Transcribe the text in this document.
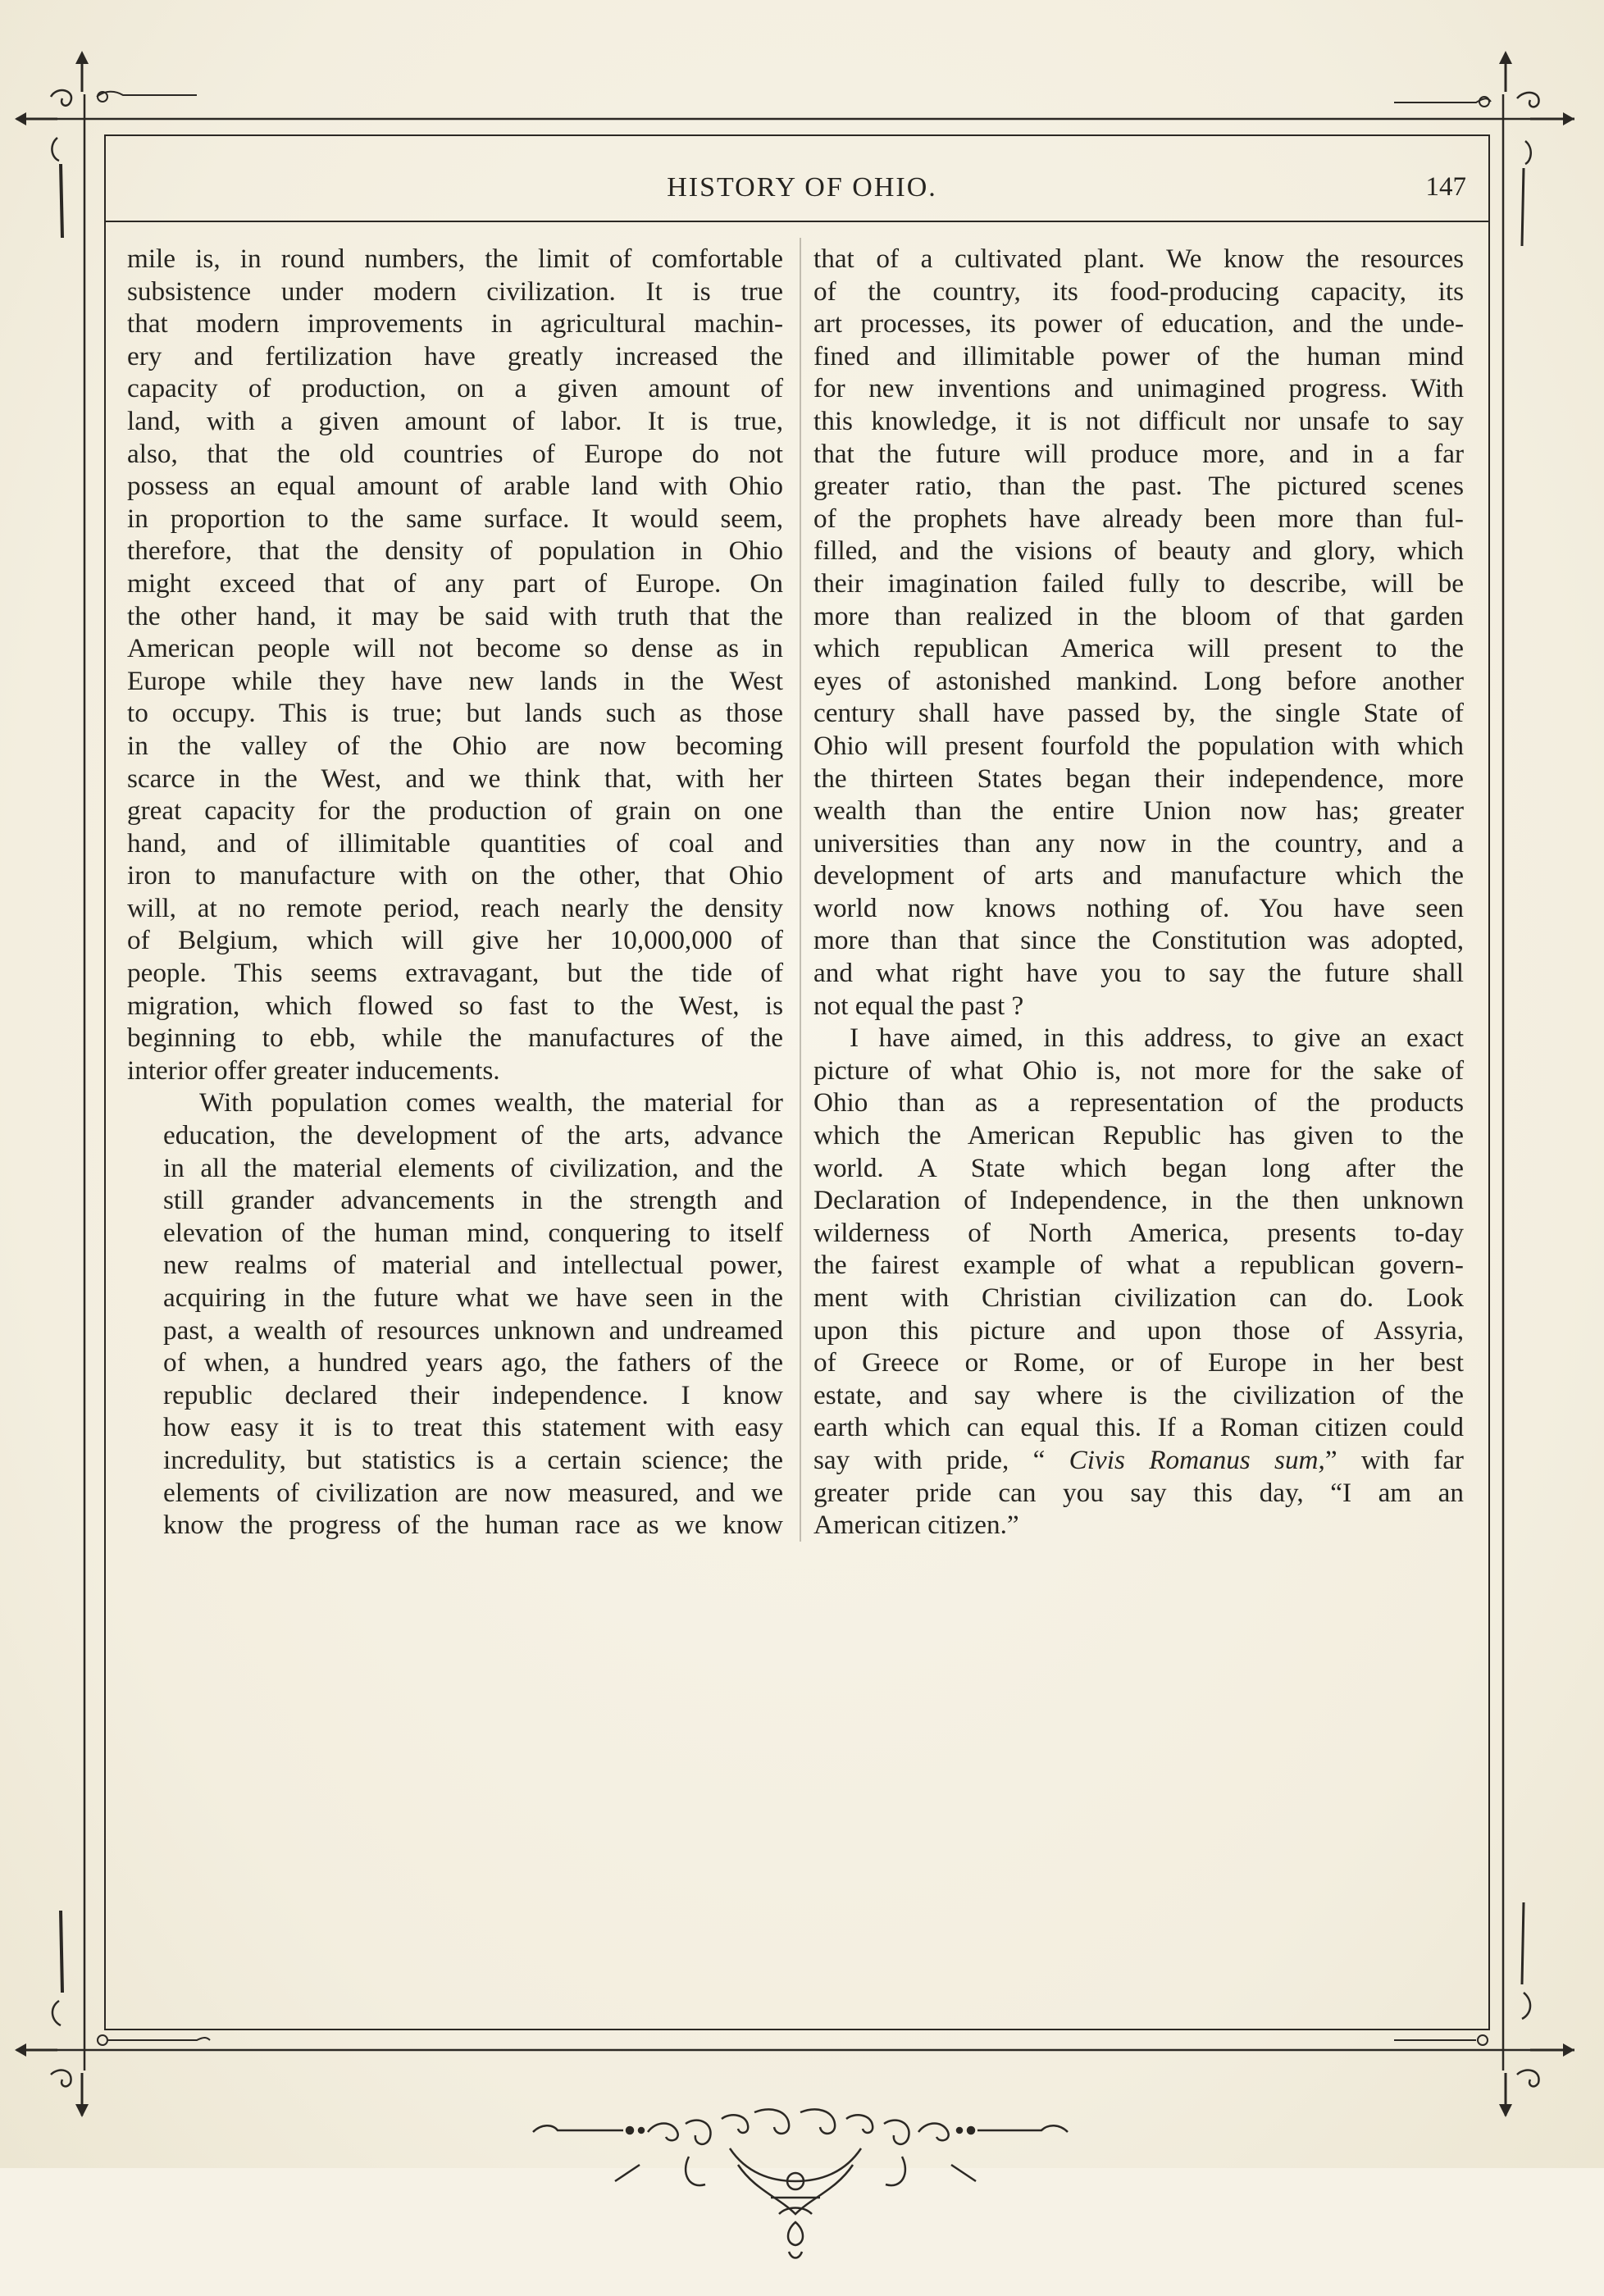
HISTORY OF OHIO.	147
mile is, in round numbers, the limit of comfortable
subsistence under modern civilization. It is true
that modern improvements in agricultural machin-
ery and fertilization have greatly increased the
capacity of production, on a given amount of
land, with a given amount of labor. It is true,
also, that the old countries of Europe do not
possess an equal amount of arable land with Ohio
in proportion to the same surface. It would seem,
therefore, that the density of population in Ohio
might exceed that of any part of Europe. On
the other hand, it may be said with truth that the
American people will not become so dense as in
Europe while they have new lands in the West
to occupy. This is true; but lands such as those
in the valley of the Ohio are now becoming
scarce in the West, and we think that, with her
great capacity for the production of grain on one
hand, and of illimitable quantities of coal and
iron to manufacture with on the other, that Ohio
will, at no remote period, reach nearly the density
of Belgium, which will give her 10,000,000 of
people. This seems extravagant, but the tide of
migration, which flowed so fast to the West, is
beginning to ebb, while the manufactures of the
interior offer greater inducements.
With population comes wealth, the material for
education, the development of the arts, advance
in all the material elements of civilization, and the
still grander advancements in the strength and
elevation of the human mind, conquering to itself
new realms of material and intellectual power,
acquiring in the future what we have seen in the
past, a wealth of resources unknown and undreamed
of when, a hundred years ago, the fathers of the
republic declared their independence. I know
how easy it is to treat this statement with easy
incredulity, but statistics is a certain science; the
elements of civilization are now measured, and we
know the progress of the human race as we know
that of a cultivated plant. We know the resources
of the country, its food-producing capacity, its
art processes, its power of education, and the unde-
fined and illimitable power of the human mind
for new inventions and unimagined progress. With
this knowledge, it is not difficult nor unsafe to say
that the future will produce more, and in a far
greater ratio, than the past. The pictured scenes
of the prophets have already been more than ful-
filled, and the visions of beauty and glory, which
their imagination failed fully to describe, will be
more than realized in the bloom of that garden
which republican America will present to the
eyes of astonished mankind. Long before another
century shall have passed by, the single State of
Ohio will present fourfold the population with which
the thirteen States began their independence, more
wealth than the entire Union now has; greater
universities than any now in the country, and a
development of arts and manufacture which the
world now knows nothing of. You have seen
more than that since the Constitution was adopted,
and what right have you to say the future shall
not equal the past ?
I have aimed, in this address, to give an exact
picture of what Ohio is, not more for the sake of
Ohio than as a representation of the products
which the American Republic has given to the
world. A State which began long after the
Declaration of Independence, in the then unknown
wilderness of North America, presents to-day
the fairest example of what a republican govern-
ment with Christian civilization can do. Look
upon this picture and upon those of Assyria,
of Greece or Rome, or of Europe in her best
estate, and say where is the civilization of the
earth which can equal this. If a Roman citizen could
say with pride, “ Civis Romanus sum,” with far
greater pride can you say this day, “I am an
American citizen.”
